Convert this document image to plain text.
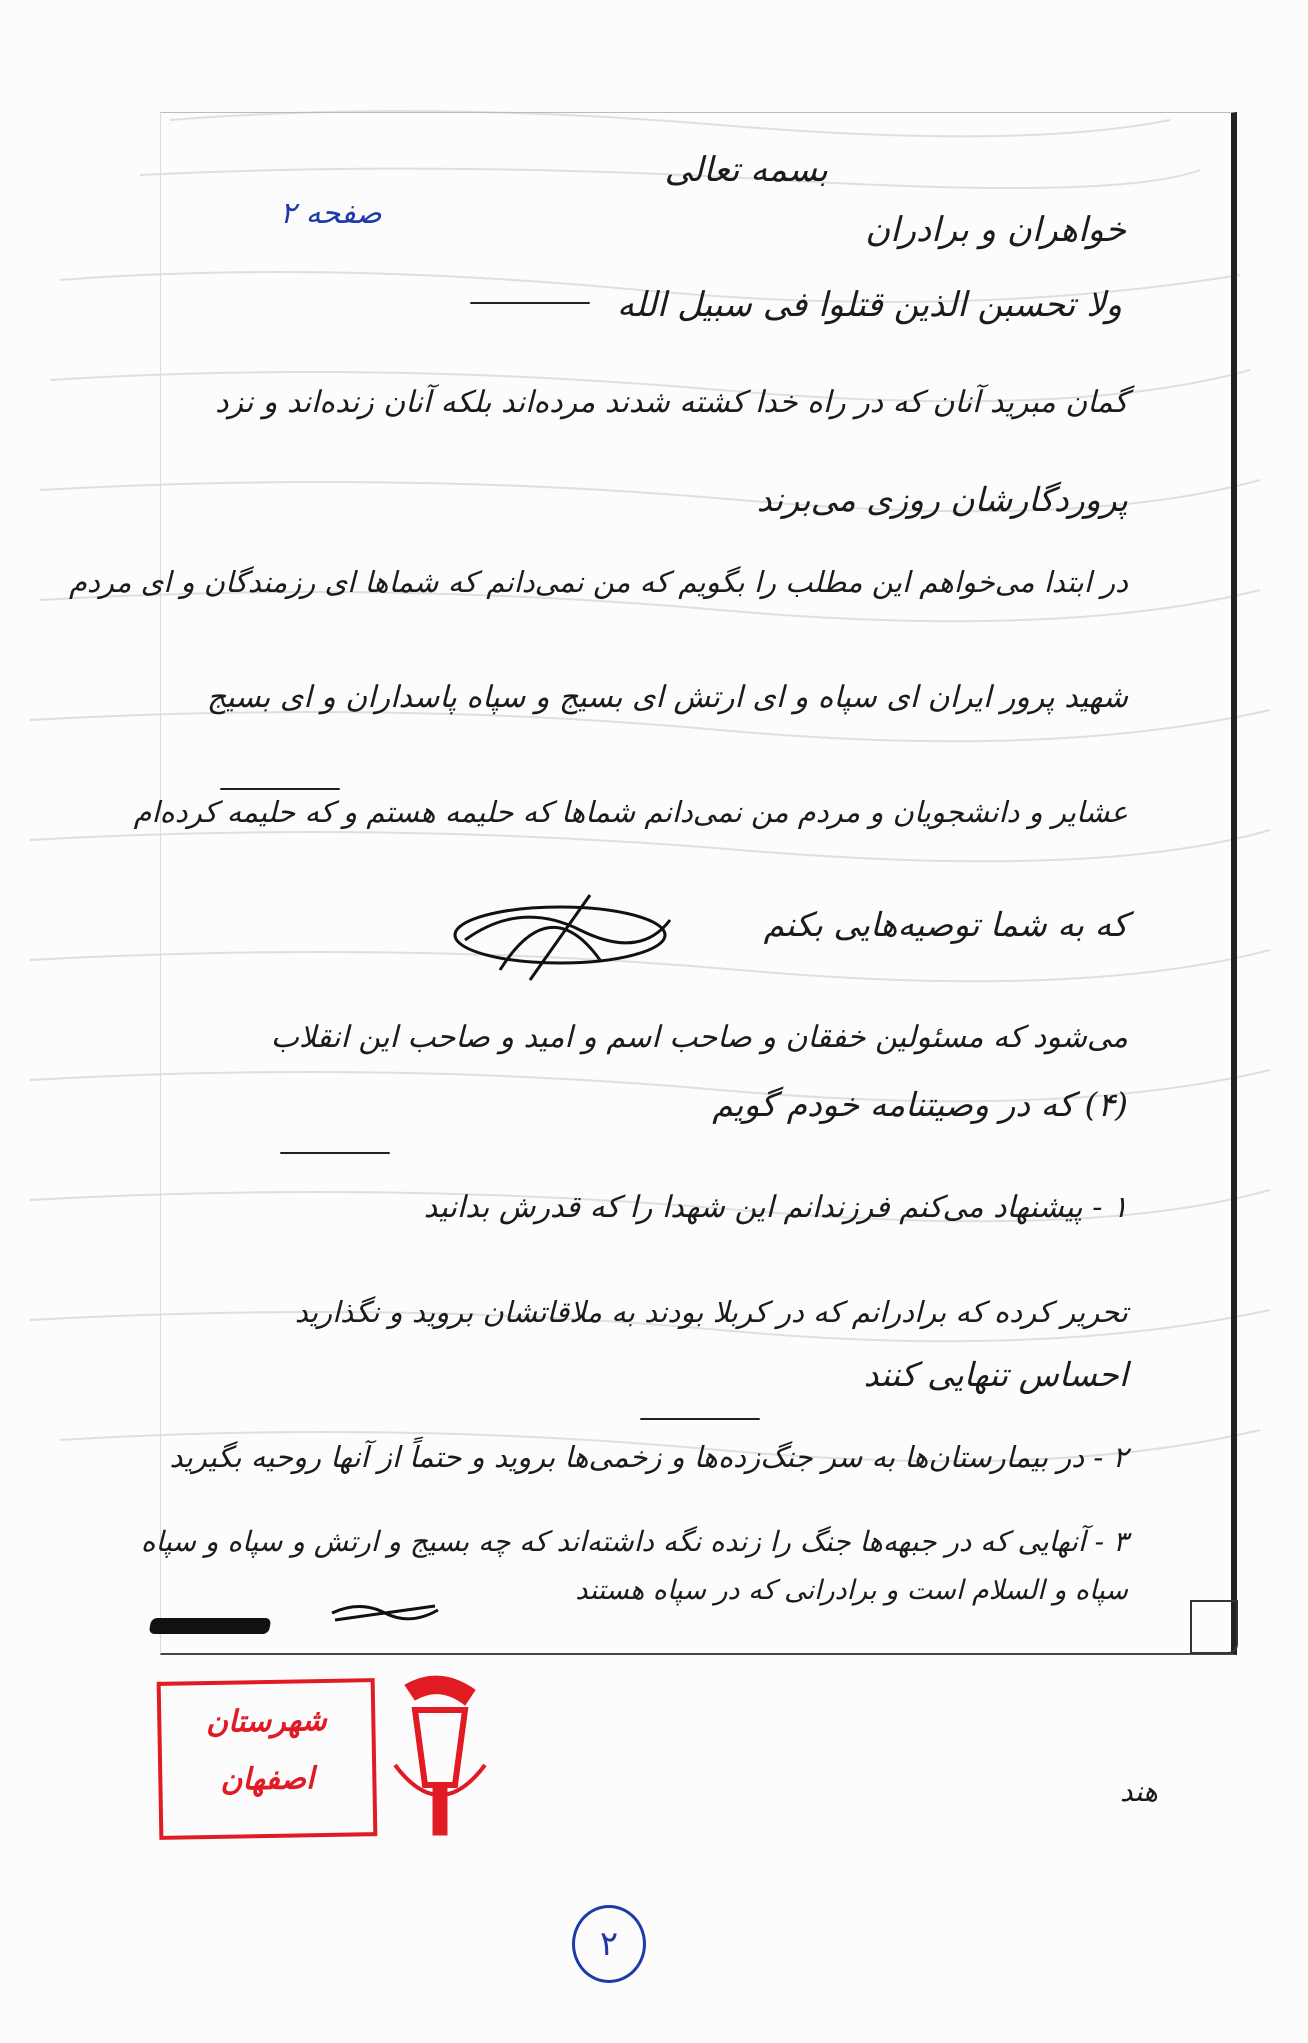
صفحه ۲
بسمه تعالی
خواهران و برادران
ولا تحسبن الذین قتلوا فی سبیل الله
گمان مبرید آنان که در راه خدا کشته شدند مرده‌اند بلکه آنان زنده‌اند و نزد
پروردگارشان روزی می‌برند
در ابتدا می‌خواهم این مطلب را بگویم که من نمی‌دانم که شماها ای رزمندگان و ای مردم
شهید پرور ایران ای سپاه و ای ارتش ای بسیج و سپاه پاسداران و ای بسیج
عشایر و دانشجویان و مردم من نمی‌دانم شماها که حلیمه هستم و که حلیمه کرده‌ام
که به شما توصیه‌هایی بکنم
می‌شود که مسئولین خفقان و صاحب اسم و امید و صاحب این انقلاب
(۴) که در وصیتنامه خودم گویم
۱ - پیشنهاد می‌کنم فرزندانم این شهدا را که قدرش بدانید
تحریر کرده که برادرانم که در کربلا بودند به ملاقاتشان بروید و نگذارید
احساس تنهایی کنند
۲ - در بیمارستان‌ها به سر جنگ‌زده‌ها و زخمی‌ها بروید و حتماً از آنها روحیه بگیرید
۳ - آنهایی که در جبهه‌ها جنگ را زنده نگه داشته‌اند که چه بسیج و ارتش و سپاه و سپاه
سپاه و السلام است و برادرانی که در سپاه هستند
شهرستان
اصفهان	هند
۲
